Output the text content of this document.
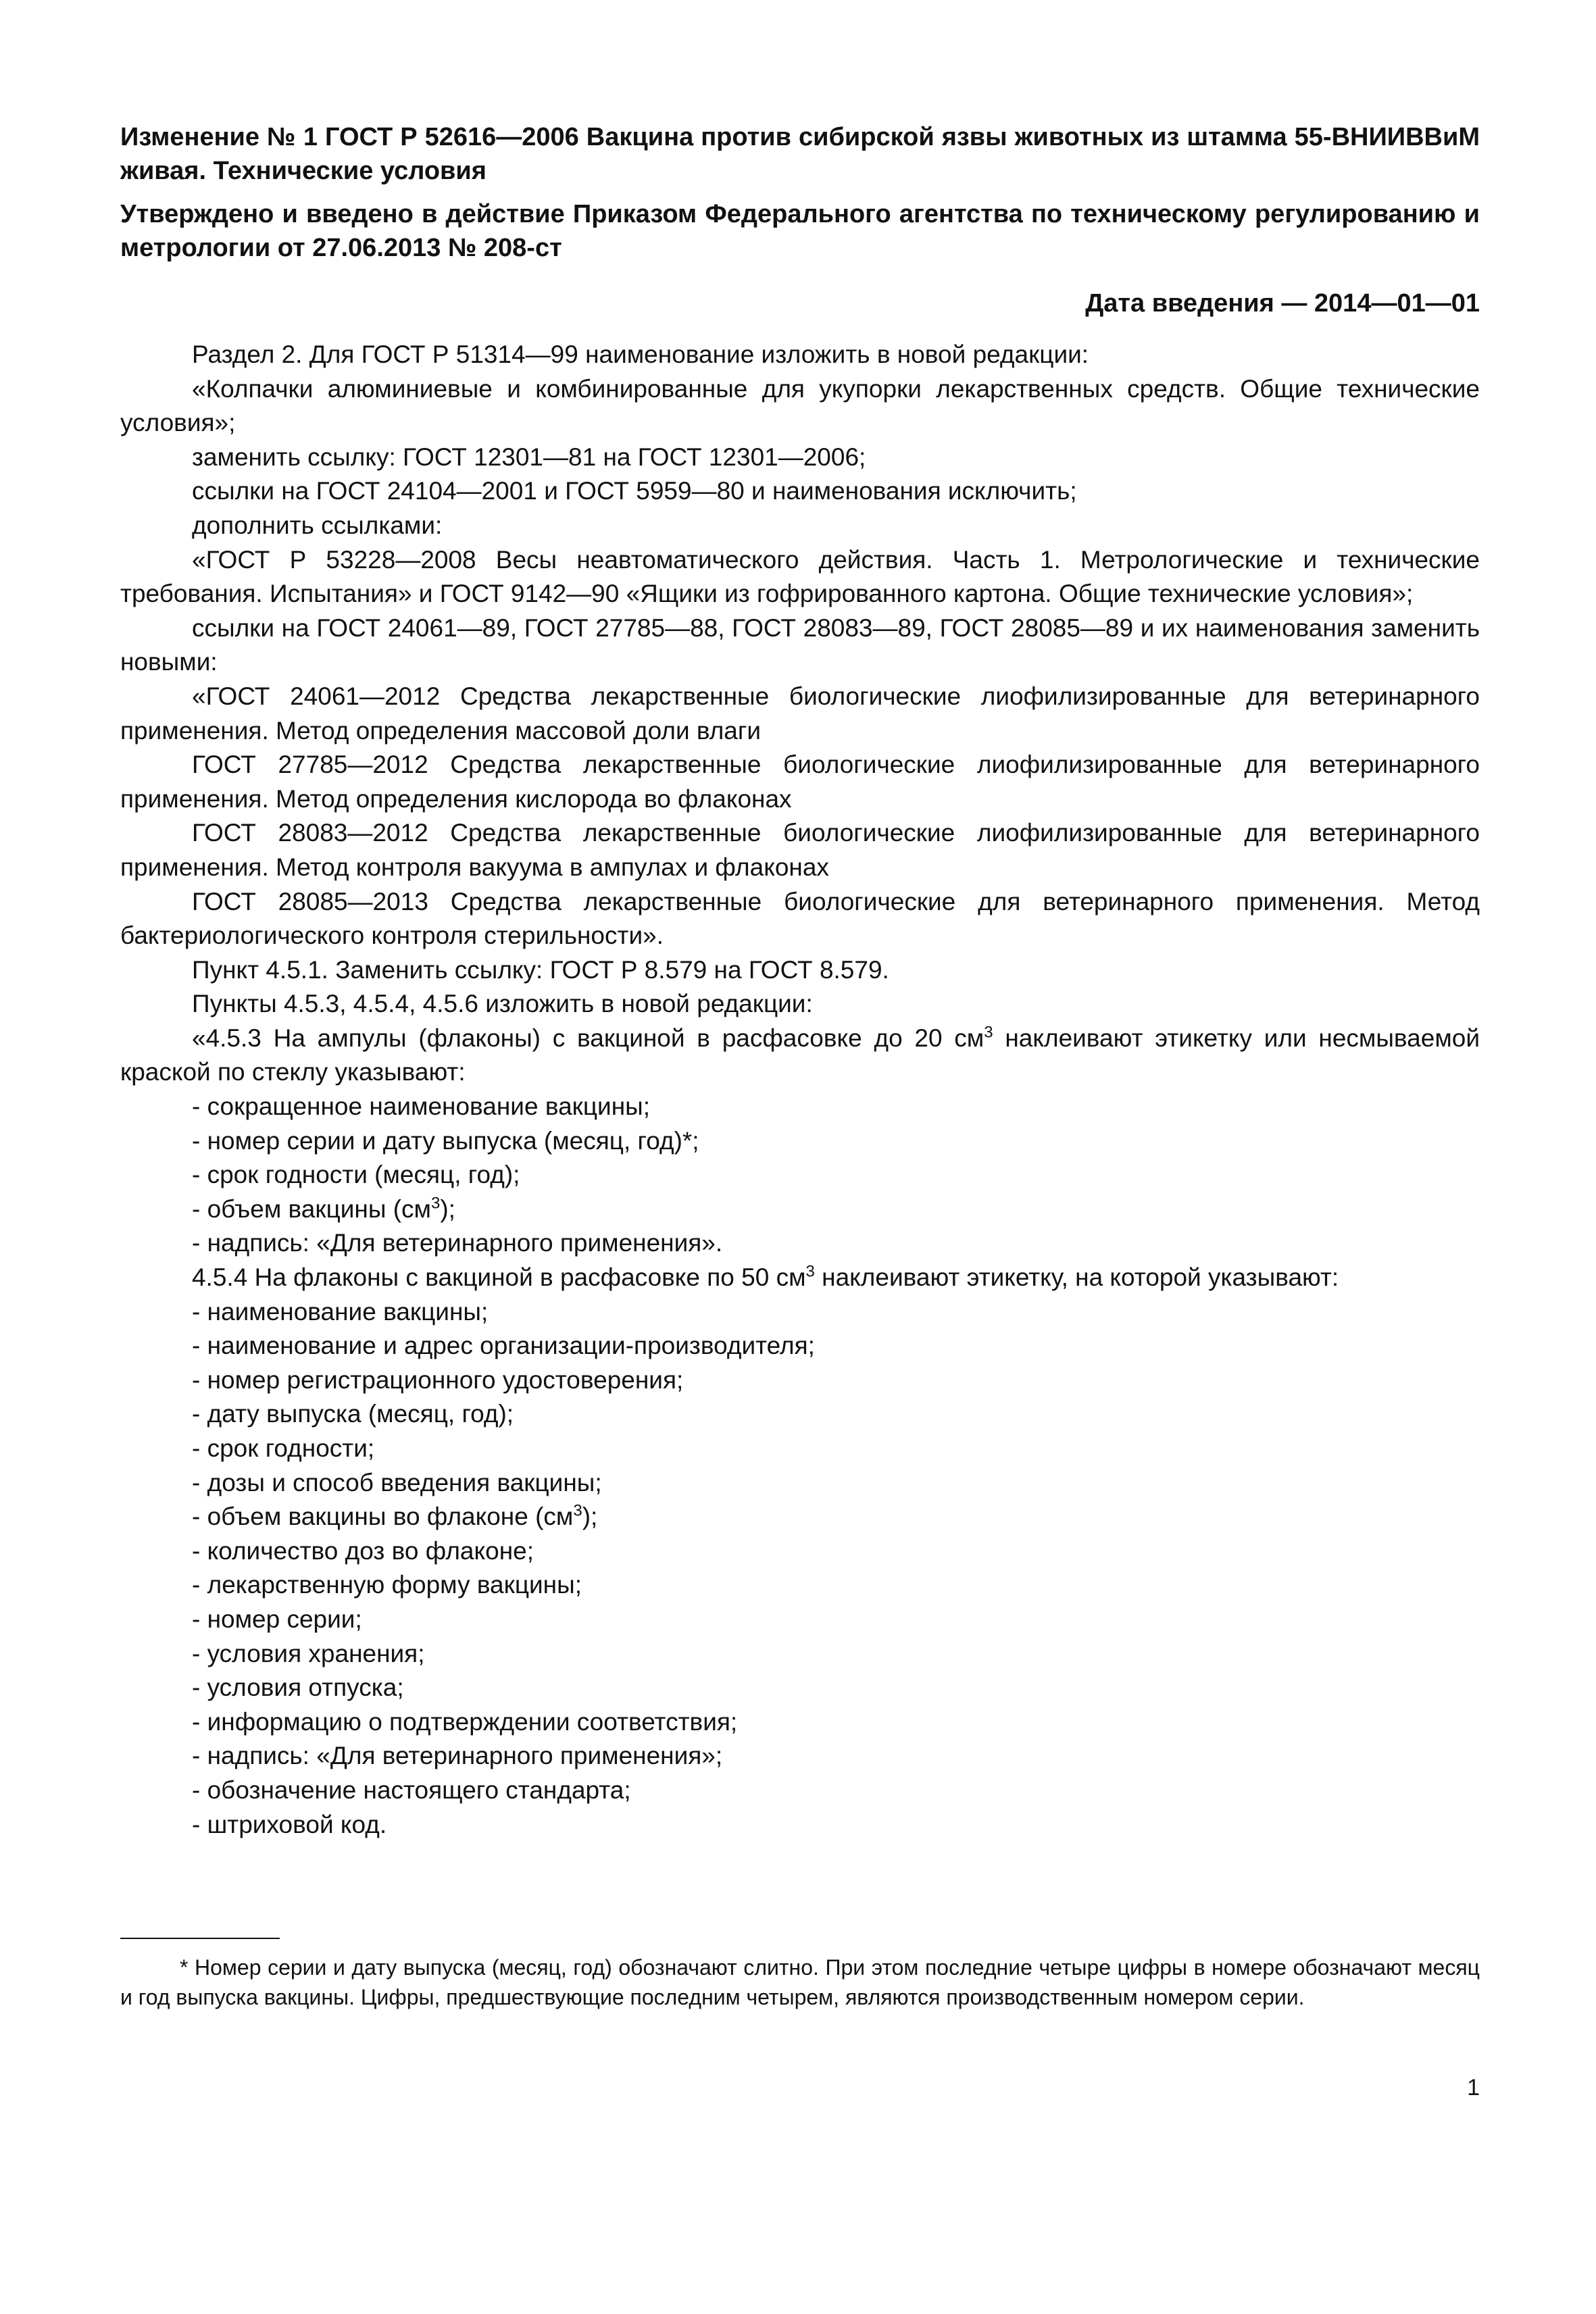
Изменение № 1 ГОСТ Р 52616—2006 Вакцина против сибирской язвы животных из штамма 55-ВНИИВВиМ живая. Технические условия

Утверждено и введено в действие Приказом Федерального агентства по техническому регулированию и метрологии от 27.06.2013 № 208-ст

Дата введения — 2014—01—01

Раздел 2. Для ГОСТ Р 51314—99 наименование изложить в новой редакции:

«Колпачки алюминиевые и комбинированные для укупорки лекарственных средств. Общие технические условия»;

заменить ссылку: ГОСТ 12301—81 на ГОСТ 12301—2006;

ссылки на ГОСТ 24104—2001 и ГОСТ 5959—80 и наименования исключить;

дополнить ссылками:

«ГОСТ Р 53228—2008 Весы неавтоматического действия. Часть 1. Метрологические и технические требования. Испытания» и ГОСТ 9142—90 «Ящики из гофрированного картона. Общие технические условия»;

ссылки на ГОСТ 24061—89, ГОСТ 27785—88, ГОСТ 28083—89, ГОСТ 28085—89 и их наименования заменить новыми:

«ГОСТ 24061—2012 Средства лекарственные биологические лиофилизированные для ветеринарного применения. Метод определения массовой доли влаги

ГОСТ 27785—2012 Средства лекарственные биологические лиофилизированные для ветеринарного применения. Метод определения кислорода во флаконах

ГОСТ 28083—2012 Средства лекарственные биологические лиофилизированные для ветеринарного применения. Метод контроля вакуума в ампулах и флаконах

ГОСТ 28085—2013 Средства лекарственные биологические для ветеринарного применения. Метод бактериологического контроля стерильности».

Пункт 4.5.1. Заменить ссылку: ГОСТ Р 8.579 на ГОСТ 8.579.

Пункты 4.5.3, 4.5.4, 4.5.6 изложить в новой редакции:

«4.5.3 На ампулы (флаконы) с вакциной в расфасовке до 20 $см^3$ наклеивают этикетку или несмываемой краской по стеклу указывают:

- сокращенное наименование вакцины;
- номер серии и дату выпуска (месяц, год)*;
- срок годности (месяц, год);
- объем вакцины $(см^3)$;
- надпись: «Для ветеринарного применения».

4.5.4 На флаконы с вакциной в расфасовке по 50 $см^3$ наклеивают этикетку, на которой указывают:

- наименование вакцины;
- наименование и адрес организации-производителя;
- номер регистрационного удостоверения;
- дату выпуска (месяц, год);
- срок годности;
- дозы и способ введения вакцины;
- объем вакцины во флаконе $(см^3)$;
- количество доз во флаконе;
- лекарственную форму вакцины;
- номер серии;
- условия хранения;
- условия отпуска;
- информацию о подтверждении соответствия;
- надпись: «Для ветеринарного применения»;
- обозначение настоящего стандарта;
- штриховой код.

* Номер серии и дату выпуска (месяц, год) обозначают слитно. При этом последние четыре цифры в номере обозначают месяц и год выпуска вакцины. Цифры, предшествующие последним четырем, являются производственным номером серии.

1
